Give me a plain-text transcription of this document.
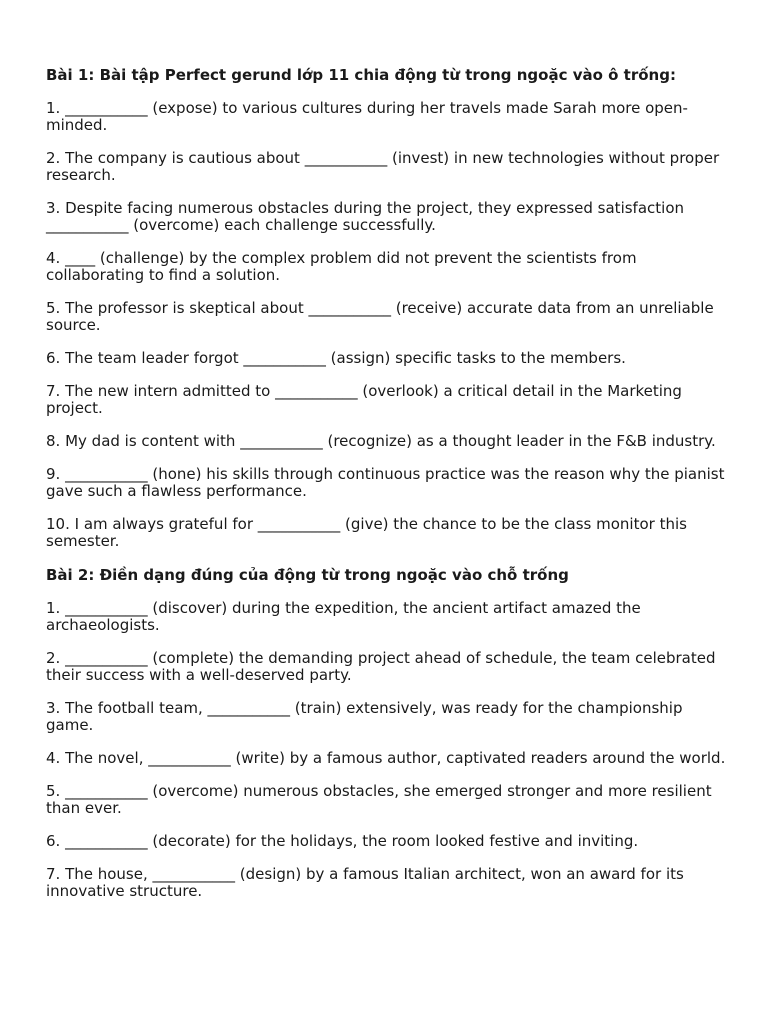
Bài 1: Bài tập Perfect gerund lớp 11 chia động từ trong ngoặc vào ô trống:
1. ___________ (expose) to various cultures during her travels made Sarah more open-minded.
2. The company is cautious about ___________ (invest) in new technologies without proper research.
3. Despite facing numerous obstacles during the project, they expressed satisfaction ___________ (overcome) each challenge successfully.
4. ____ (challenge) by the complex problem did not prevent the scientists from collaborating to find a solution.
5. The professor is skeptical about ___________ (receive) accurate data from an unreliable source.
6. The team leader forgot ___________ (assign) specific tasks to the members.
7. The new intern admitted to ___________ (overlook) a critical detail in the Marketing project.
8. My dad is content with ___________ (recognize) as a thought leader in the F&B industry.
9. ___________ (hone) his skills through continuous practice was the reason why the pianist gave such a flawless performance.
10. I am always grateful for ___________ (give) the chance to be the class monitor this semester.
Bài 2: Điền dạng đúng của động từ trong ngoặc vào chỗ trống
1. ___________ (discover) during the expedition, the ancient artifact amazed the archaeologists.
2. ___________ (complete) the demanding project ahead of schedule, the team celebrated their success with a well-deserved party.
3. The football team, ___________ (train) extensively, was ready for the championship game.
4. The novel, ___________ (write) by a famous author, captivated readers around the world.
5. ___________ (overcome) numerous obstacles, she emerged stronger and more resilient than ever.
6. ___________ (decorate) for the holidays, the room looked festive and inviting.
7. The house, ___________ (design) by a famous Italian architect, won an award for its innovative structure.
